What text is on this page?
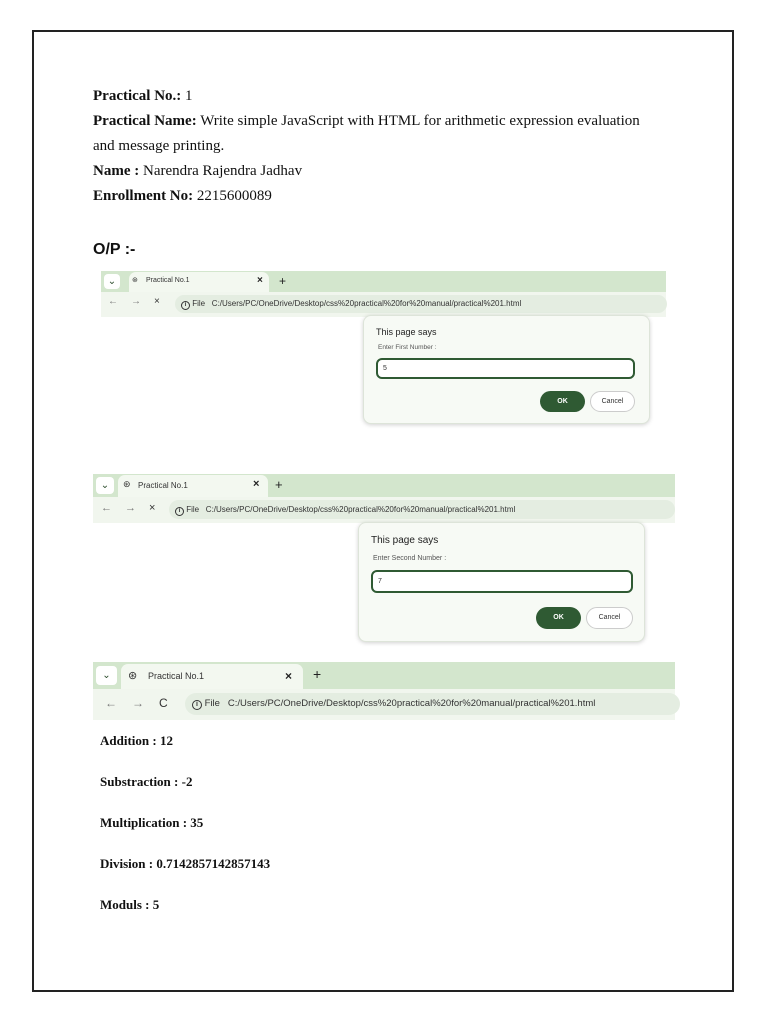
Practical No.: 1

Practical Name: Write simple JavaScript with HTML for arithmetic expression evaluation

and message printing.

Name : Narendra Rajendra Jadhav

Enrollment No: 2215600089

O/P :-
⌄	⊛ Practical No.1	× +
← → ×	i File C:/Users/PC/OneDrive/Desktop/css%20practical%20for%20manual/practical%201.html
This page says
Enter First Number :
5
OK	Cancel
⌄	⊛ Practical No.1	× +
← → ×	i File C:/Users/PC/OneDrive/Desktop/css%20practical%20for%20manual/practical%201.html
This page says
Enter Second Number :
7
OK	Cancel
⌄	⊛ Practical No.1	× +
← → C	i File C:/Users/PC/OneDrive/Desktop/css%20practical%20for%20manual/practical%201.html
Addition : 12
Substraction : -2
Multiplication : 35
Division : 0.7142857142857143
Moduls : 5
